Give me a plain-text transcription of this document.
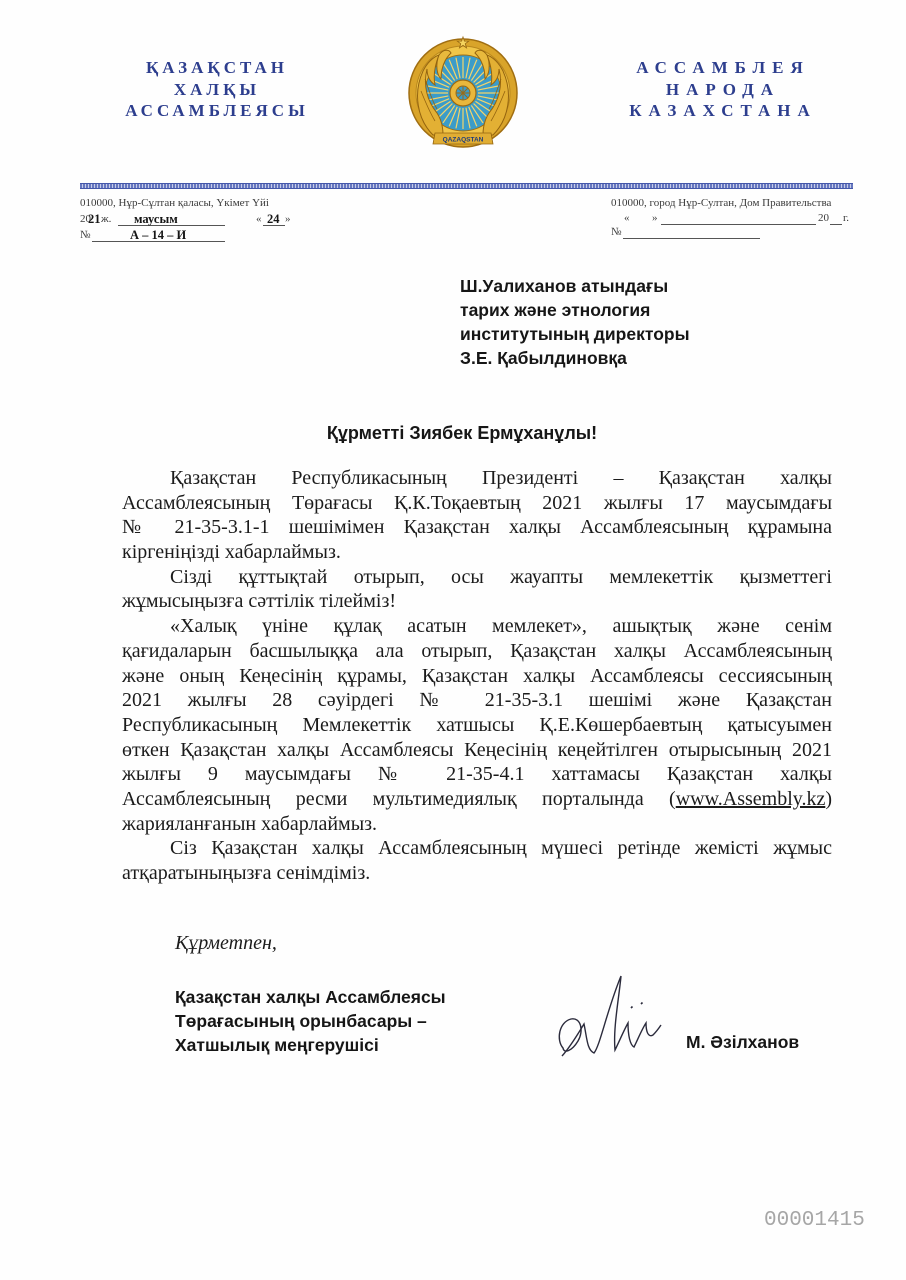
ҚАЗАҚСТАН
ХАЛҚЫ
АССАМБЛЕЯСЫ
QAZAQSTAN
АССАМБЛЕЯ
НАРОДА
КАЗАХСТАНА
010000, Нұр-Сұлтан қаласы, Үкімет Үйі
20
21 ж. маусым	« 24 »
№	А – 14 – И
010000, город Нұр-Султан, Дом Правительства
« »	20 г.
№
Ш.Уалиханов атындағы
тарих және этнология
институтының директоры
З.Е. Қабылдиновқа
Құрметті Зиябек Ермұханұлы!
Қазақстан Республикасының Президенті – Қазақстан халқы
Ассамблеясының Төрағасы Қ.К.Тоқаевтың 2021 жылғы 17 маусымдағы
№ 21-35-3.1-1 шешімімен Қазақстан халқы Ассамблеясының құрамына
кіргеніңізді хабарлаймыз.
Сізді құттықтай отырып, осы жауапты мемлекеттік қызметтегі
жұмысыңызға сәттілік тілейміз!
«Халық үніне құлақ асатын мемлекет», ашықтық және сенім
қағидаларын басшылыққа ала отырып, Қазақстан халқы Ассамблеясының
және оның Кеңесінің құрамы, Қазақстан халқы Ассамблеясы сессиясының
2021 жылғы 28 сәуірдегі № 21-35-3.1 шешімі және Қазақстан
Республикасының Мемлекеттік хатшысы Қ.Е.Көшербаевтың қатысуымен
өткен Қазақстан халқы Ассамблеясы Кеңесінің кеңейтілген отырысының 2021
жылғы 9 маусымдағы № 21-35-4.1 хаттамасы Қазақстан халқы
Ассамблеясының ресми мультимедиялық порталында (www.Assembly.kz)
жарияланғанын хабарлаймыз.
Сіз Қазақстан халқы Ассамблеясының мүшесі ретінде жемісті жұмыс
атқаратыныңызға сенімдіміз.
Құрметпен,
Қазақстан халқы Ассамблеясы
Төрағасының орынбасары –
Хатшылық меңгерушісі	М. Әзілханов
00001415
